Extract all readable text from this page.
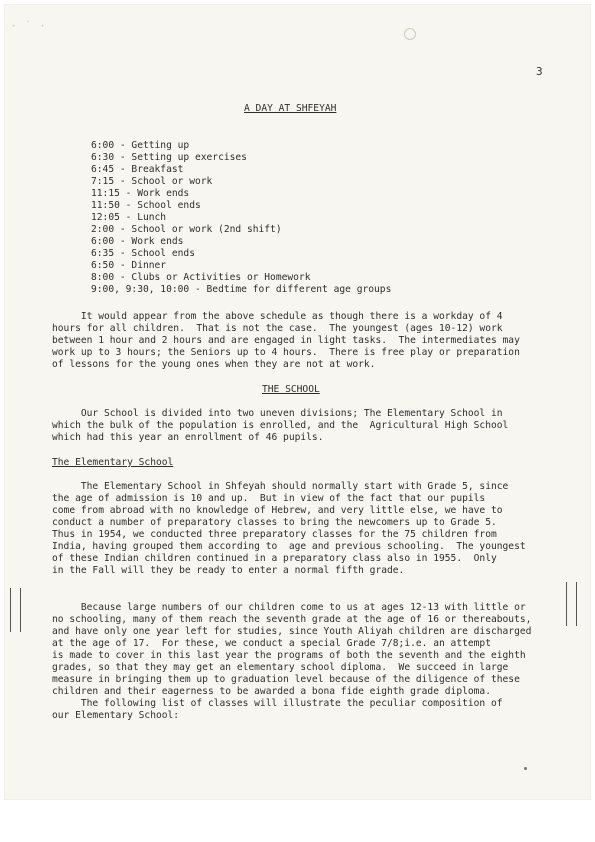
· ˙ ·
3
A DAY AT SHFEYAH
6:00 - Getting up
6:30 - Setting up exercises
6:45 - Breakfast
7:15 - School or work
11:15 - Work ends
11:50 - School ends
12:05 - Lunch
2:00 - School or work (2nd shift)
6:00 - Work ends
6:35 - School ends
6:50 - Dinner
8:00 - Clubs or Activities or Homework
9:00, 9:30, 10:00 - Bedtime for different age groups
It would appear from the above schedule as though there is a workday of 4
hours for all children.  That is not the case.  The youngest (ages 10-12) work
between 1 hour and 2 hours and are engaged in light tasks.  The intermediates may
work up to 3 hours; the Seniors up to 4 hours.  There is free play or preparation
of lessons for the young ones when they are not at work.
THE SCHOOL
Our School is divided into two uneven divisions; The Elementary School in
which the bulk of the population is enrolled, and the  Agricultural High School
which had this year an enrollment of 46 pupils.
The Elementary School
The Elementary School in Shfeyah should normally start with Grade 5, since
the age of admission is 10 and up.  But in view of the fact that our pupils
come from abroad with no knowledge of Hebrew, and very little else, we have to
conduct a number of preparatory classes to bring the newcomers up to Grade 5.
Thus in 1954, we conducted three preparatory classes for the 75 children from
India, having grouped them according to  age and previous schooling.  The youngest
of these Indian children continued in a preparatory class also in 1955.  Only
in the Fall will they be ready to enter a normal fifth grade.
Because large numbers of our children come to us at ages 12-13 with little or
no schooling, many of them reach the seventh grade at the age of 16 or thereabouts,
and have only one year left for studies, since Youth Aliyah children are discharged
at the age of 17.  For these, we conduct a special Grade 7/8;i.e. an attempt
is made to cover in this last year the programs of both the seventh and the eighth
grades, so that they may get an elementary school diploma.  We succeed in large
measure in bringing them up to graduation level because of the diligence of these
children and their eagerness to be awarded a bona fide eighth grade diploma.
The following list of classes will illustrate the peculiar composition of
our Elementary School:
